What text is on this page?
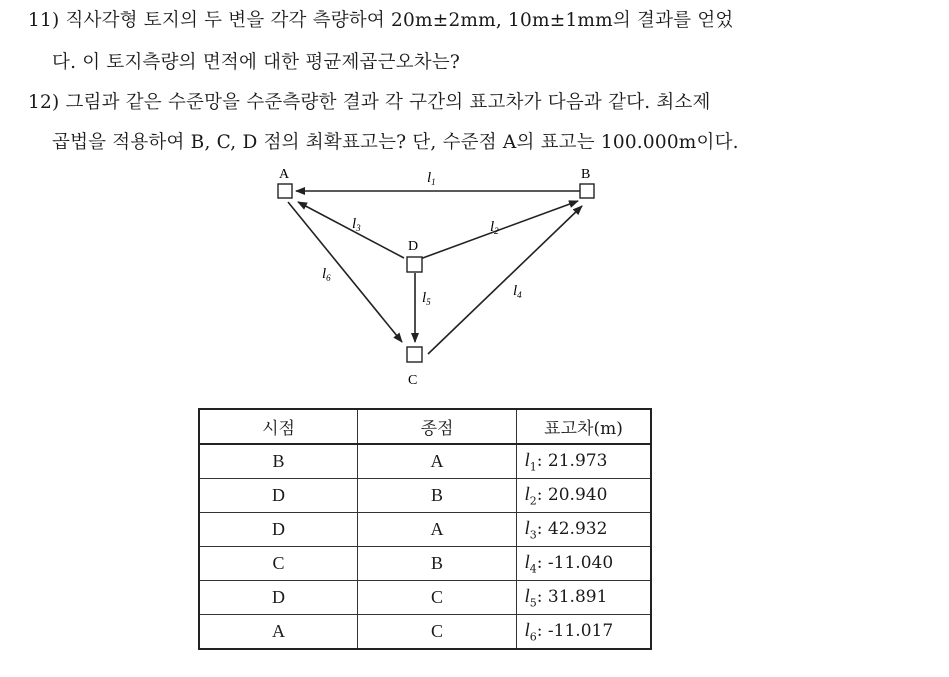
11) 직사각형 토지의 두 변을 각각 측량하여 20m±2mm, 10m±1mm의 결과를 얻었
다. 이 토지측량의 면적에 대한 평균제곱근오차는?
12) 그림과 같은 수준망을 수준측량한 결과 각 구간의 표고차가 다음과 같다. 최소제
곱법을 적용하여 B, C, D 점의 최확표고는? 단, 수준점 A의 표고는 100.000m이다.
A	B
D
C
$l_1$
$l_2$
$l_3$
$l_4$
$l_5$
$l_6$
시점	종점	표고차(m)
B	A	$l_1$: 21.973
D	B	$l_2$: 20.940
D	A	$l_3$: 42.932
C	B	$l_4$: -11.040
D	C	$l_5$: 31.891
A	C	$l_6$: -11.017
